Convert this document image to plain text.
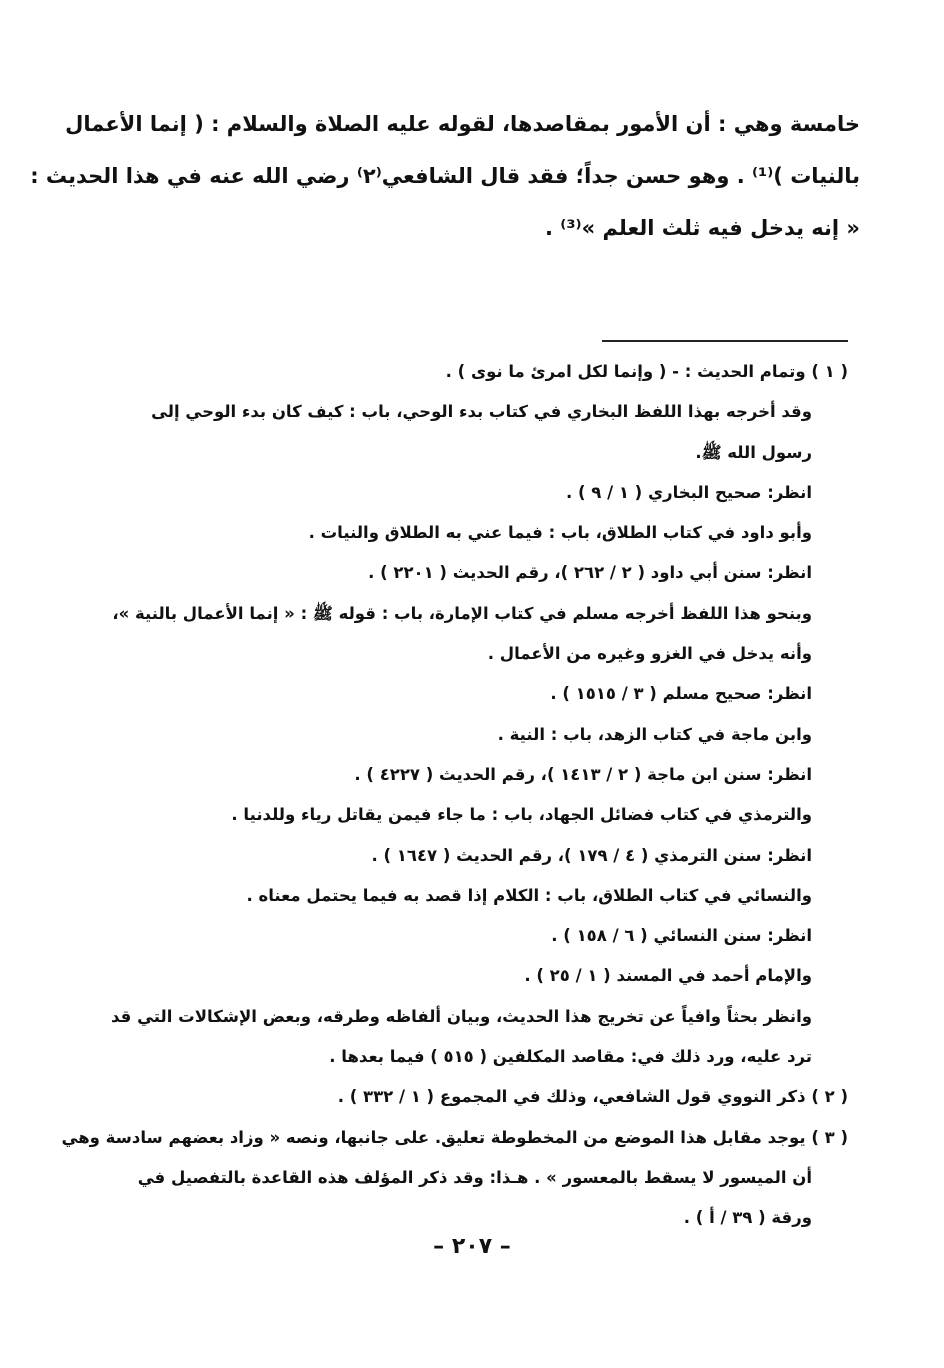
خامسة وهي : أن الأمور بمقاصدها، لقوله عليه الصلاة والسلام : ( إنما الأعمال
بالنيات )⁽¹⁾ . وهو حسن جداً؛ فقد قال الشافعي⁽٢⁾ رضي الله عنه في هذا الحديث :
« إنه يدخل فيه ثلث العلم »⁽³⁾ .
( ١ ) وتمام الحديث : - ( وإنما لكل امرئ ما نوى ) .
وقد أخرجه بهذا اللفظ البخاري في كتاب بدء الوحي، باب : كيف كان بدء الوحي إلى
رسول الله ﷺ.
انظر: صحيح البخاري ( ١ / ٩ ) .
وأبو داود في كتاب الطلاق، باب : فيما عني به الطلاق والنيات .
انظر: سنن أبي داود ( ٢ / ٢٦٢ )، رقم الحديث ( ٢٢٠١ ) .
وبنحو هذا اللفظ أخرجه مسلم في كتاب الإمارة، باب : قوله ﷺ : « إنما الأعمال بالنية »،
وأنه يدخل في الغزو وغيره من الأعمال .
انظر: صحيح مسلم ( ٣ / ١٥١٥ ) .
وابن ماجة في كتاب الزهد، باب : النية .
انظر: سنن ابن ماجة ( ٢ / ١٤١٣ )، رقم الحديث ( ٤٢٢٧ ) .
والترمذي في كتاب فضائل الجهاد، باب : ما جاء فيمن يقاتل رياء وللدنيا .
انظر: سنن الترمذي ( ٤ / ١٧٩ )، رقم الحديث ( ١٦٤٧ ) .
والنسائي في كتاب الطلاق، باب : الكلام إذا قصد به فيما يحتمل معناه .
انظر: سنن النسائي ( ٦ / ١٥٨ ) .
والإمام أحمد في المسند ( ١ / ٢٥ ) .
وانظر بحثاً وافياً عن تخريج هذا الحديث، وبيان ألفاظه وطرقه، وبعض الإشكالات التي قد
ترد عليه، ورد ذلك في: مقاصد المكلفين ( ٥١٥ ) فيما بعدها .
( ٢ ) ذكر النووي قول الشافعي، وذلك في المجموع ( ١ / ٣٣٢ ) .
( ٣ ) يوجد مقابل هذا الموضع من المخطوطة تعليق. على جانبها، ونصه « وزاد بعضهم سادسة وهي
أن الميسور لا يسقط بالمعسور » . هـذا: وقد ذكر المؤلف هذه القاعدة بالتفصيل في
ورقة ( ٣٩ / أ ) .
– ٢٠٧ –
